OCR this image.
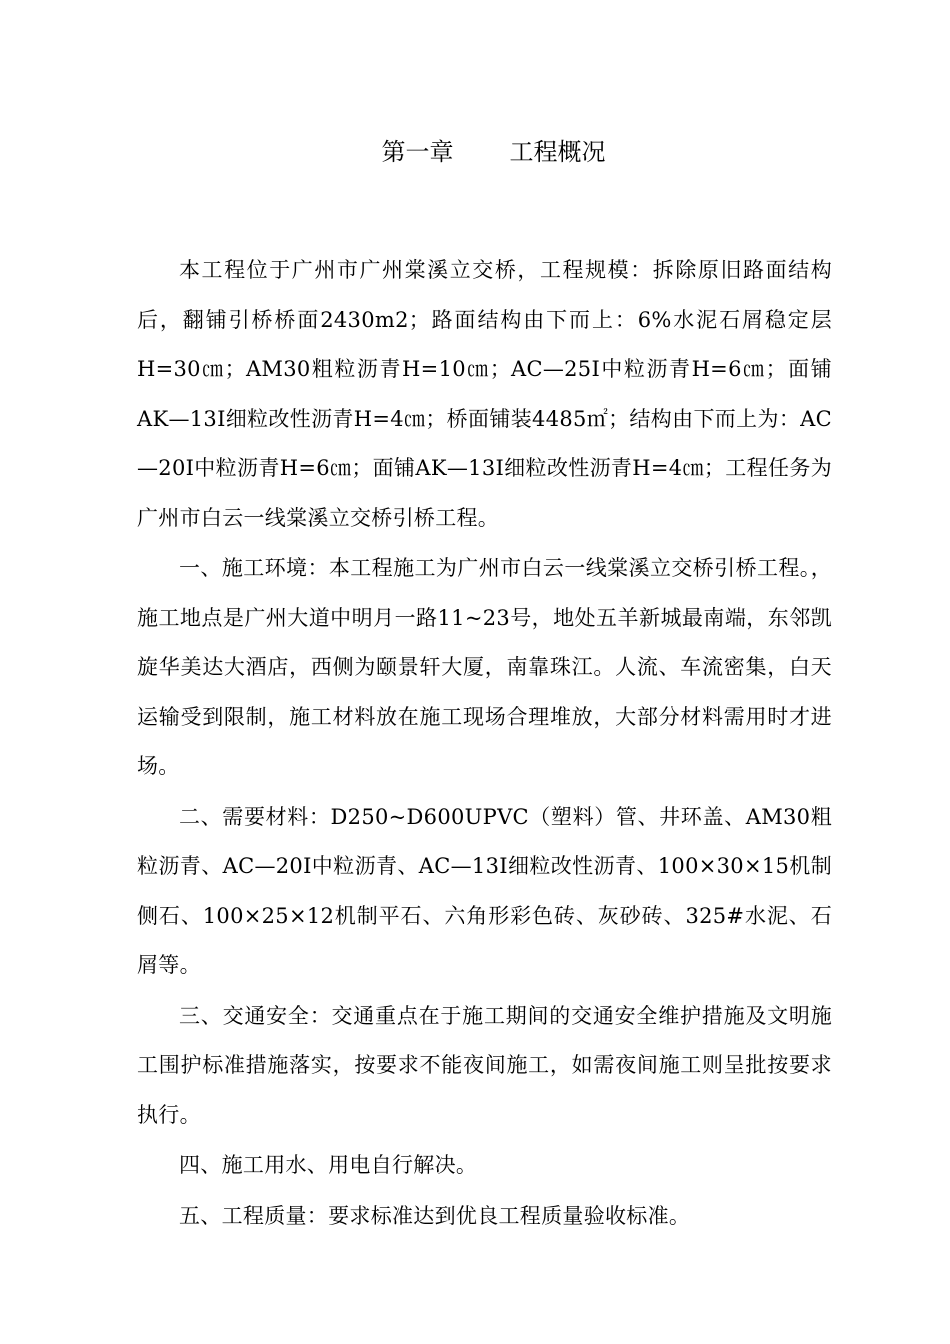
第一章 工程概况

本工程位于广州市广州棠溪立交桥，工程规模：拆除原旧路面结构后，翻铺引桥桥面2430m2；路面结构由下而上：6%水泥石屑稳定层H=30㎝；AM30粗粒沥青H=10㎝；AC—25I中粒沥青H=6㎝；面铺AK—13I细粒改性沥青H=4㎝；桥面铺装4485㎡；结构由下而上为：AC—20I中粒沥青H=6㎝；面铺AK—13I细粒改性沥青H=4㎝；工程任务为广州市白云一线棠溪立交桥引桥工程。

一、施工环境：本工程施工为广州市白云一线棠溪立交桥引桥工程。，施工地点是广州大道中明月一路11~23号，地处五羊新城最南端，东邻凯旋华美达大酒店，西侧为颐景轩大厦，南靠珠江。人流、车流密集，白天运输受到限制，施工材料放在施工现场合理堆放，大部分材料需用时才进场。

二、需要材料：D250~D600UPVC（塑料）管、井环盖、AM30粗粒沥青、AC—20I中粒沥青、AC—13I细粒改性沥青、100×30×15机制侧石、100×25×12机制平石、六角形彩色砖、灰砂砖、325#水泥、石屑等。

三、交通安全：交通重点在于施工期间的交通安全维护措施及文明施工围护标准措施落实，按要求不能夜间施工，如需夜间施工则呈批按要求执行。

四、施工用水、用电自行解决。

五、工程质量：要求标准达到优良工程质量验收标准。
